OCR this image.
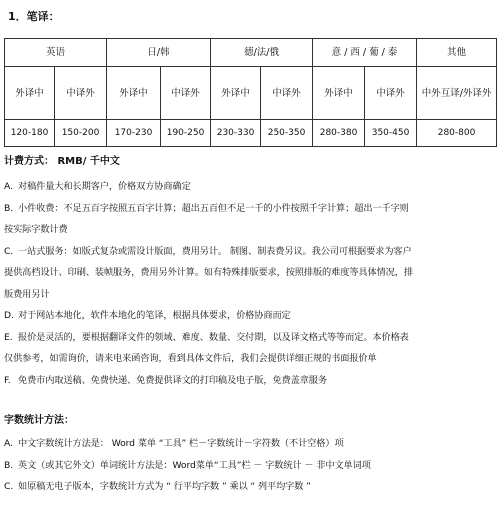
1．笔译：
英语		日/韩		德/法/俄		意 / 西 / 葡 / 泰		其他
外译中	中译外	外译中	中译外	外译中	中译外	外译中	中译外	中外互译/外译外
120-180	150-200	170-230	190-250	230-330	250-350	280-380	350-450	280-800
计费方式： RMB/ 千中文
A. 对稿件量大和长期客户，价格双方协商确定
B. 小件收费：不足五百字按照五百字计算；超出五百但不足一千的小件按照千字计算；超出一千字则
按实际字数计费
C. 一站式服务：如版式复杂或需设计版面，费用另计。 制图、制表费另议。我公司可根据要求为客户
提供高档设计、印刷、装帧服务，费用另外计算。如有特殊排版要求，按照排版的难度等具体情况，排
版费用另计
D. 对于网站本地化，软件本地化的笔译，根据具体要求，价格协商而定
E. 报价是灵活的，要根据翻译文件的领域、难度、数量、交付期，以及译文格式等等而定。本价格表
仅供参考，如需询价，请来电来函咨询，看到具体文件后，我们会提供详细正规的书面报价单
F. 免费市内取送稿、免费快递、免费提供译文的打印稿及电子版，免费盖章服务
字数统计方法：
A. 中文字数统计方法是： Word 菜单 “工具” 栏－字数统计－字符数（不计空格）项
B. 英文（或其它外文）单词统计方法是：Word菜单“工具”栏 － 字数统计 － 非中文单词项
C. 如原稿无电子版本，字数统计方式为 “ 行平均字数 ” 乘以 “ 列平均字数 ”
